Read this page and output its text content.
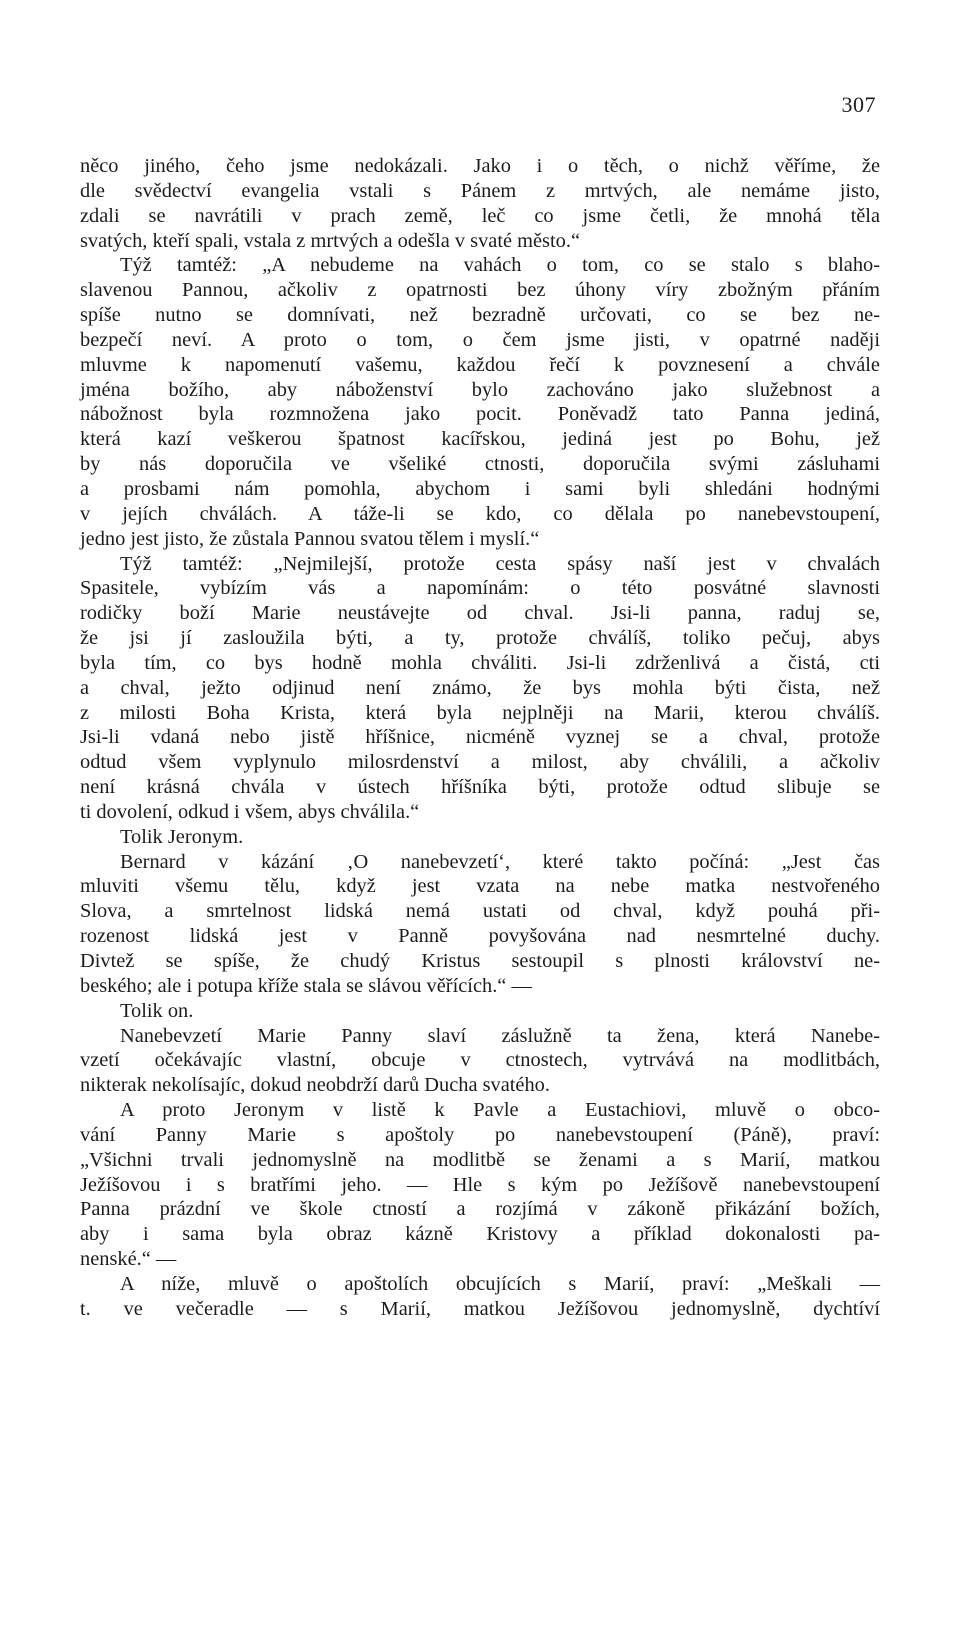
307
něco jiného, čeho jsme nedokázali. Jako i o těch, o nichž věříme, že
dle svědectví evangelia vstali s Pánem z mrtvých, ale nemáme jisto,
zdali se navrátili v prach země, leč co jsme četli, že mnohá těla
svatých, kteří spali, vstala z mrtvých a odešla v svaté město.“
Týž tamtéž: „A nebudeme na vahách o tom, co se stalo s blaho-
slavenou Pannou, ačkoliv z opatrnosti bez úhony víry zbožným přáním
spíše nutno se domnívati, než bezradně určovati, co se bez ne-
bezpečí neví. A proto o tom, o čem jsme jisti, v opatrné naději
mluvme k napomenutí vašemu, každou řečí k povznesení a chvále
jména božího, aby náboženství bylo zachováno jako služebnost a
nábožnost byla rozmnožena jako pocit. Poněvadž tato Panna jediná,
která kazí veškerou špatnost kacířskou, jediná jest po Bohu, jež
by nás doporučila ve všeliké ctnosti, doporučila svými zásluhami
a prosbami nám pomohla, abychom i sami byli shledáni hodnými
v jejích chválách. A táže-li se kdo, co dělala po nanebevstoupení,
jedno jest jisto, že zůstala Pannou svatou tělem i myslí.“
Týž tamtéž: „Nejmilejší, protože cesta spásy naší jest v chvalách
Spasitele, vybízím vás a napomínám: o této posvátné slavnosti
rodičky boží Marie neustávejte od chval. Jsi-li panna, raduj se,
že jsi jí zasloužila býti, a ty, protože chválíš, toliko pečuj, abys
byla tím, co bys hodně mohla chváliti. Jsi-li zdrženlivá a čistá, cti
a chval, ježto odjinud není známo, že bys mohla býti čista, než
z milosti Boha Krista, která byla nejplněji na Marii, kterou chválíš.
Jsi-li vdaná nebo jistě hříšnice, nicméně vyznej se a chval, protože
odtud všem vyplynulo milosrdenství a milost, aby chválili, a ačkoliv
není krásná chvála v ústech hříšníka býti, protože odtud slibuje se
ti dovolení, odkud i všem, abys chválila.“
Tolik Jeronym.
Bernard v kázání ‚O nanebevzetí‘, které takto počíná: „Jest čas
mluviti všemu tělu, když jest vzata na nebe matka nestvořeného
Slova, a smrtelnost lidská nemá ustati od chval, když pouhá při-
rozenost lidská jest v Panně povyšována nad nesmrtelné duchy.
Divtež se spíše, že chudý Kristus sestoupil s plnosti království ne-
beského; ale i potupa kříže stala se slávou věřících.“ —
Tolik on.
Nanebevzetí Marie Panny slaví záslužně ta žena, která Nanebe-
vzetí očekávajíc vlastní, obcuje v ctnostech, vytrvává na modlitbách,
nikterak nekolísajíc, dokud neobdrží darů Ducha svatého.
A proto Jeronym v listě k Pavle a Eustachiovi, mluvě o obco-
vání Panny Marie s apoštoly po nanebevstoupení (Páně), praví:
„Všichni trvali jednomyslně na modlitbě se ženami a s Marií, matkou
Ježíšovou i s bratřími jeho. — Hle s kým po Ježíšově nanebevstoupení
Panna prázdní ve škole ctností a rozjímá v zákoně přikázání božích,
aby i sama byla obraz kázně Kristovy a příklad dokonalosti pa-
nenské.“ —
A níže, mluvě o apoštolích obcujících s Marií, praví: „Meškali —
t. ve večeradle — s Marií, matkou Ježíšovou jednomyslně, dychtíví
